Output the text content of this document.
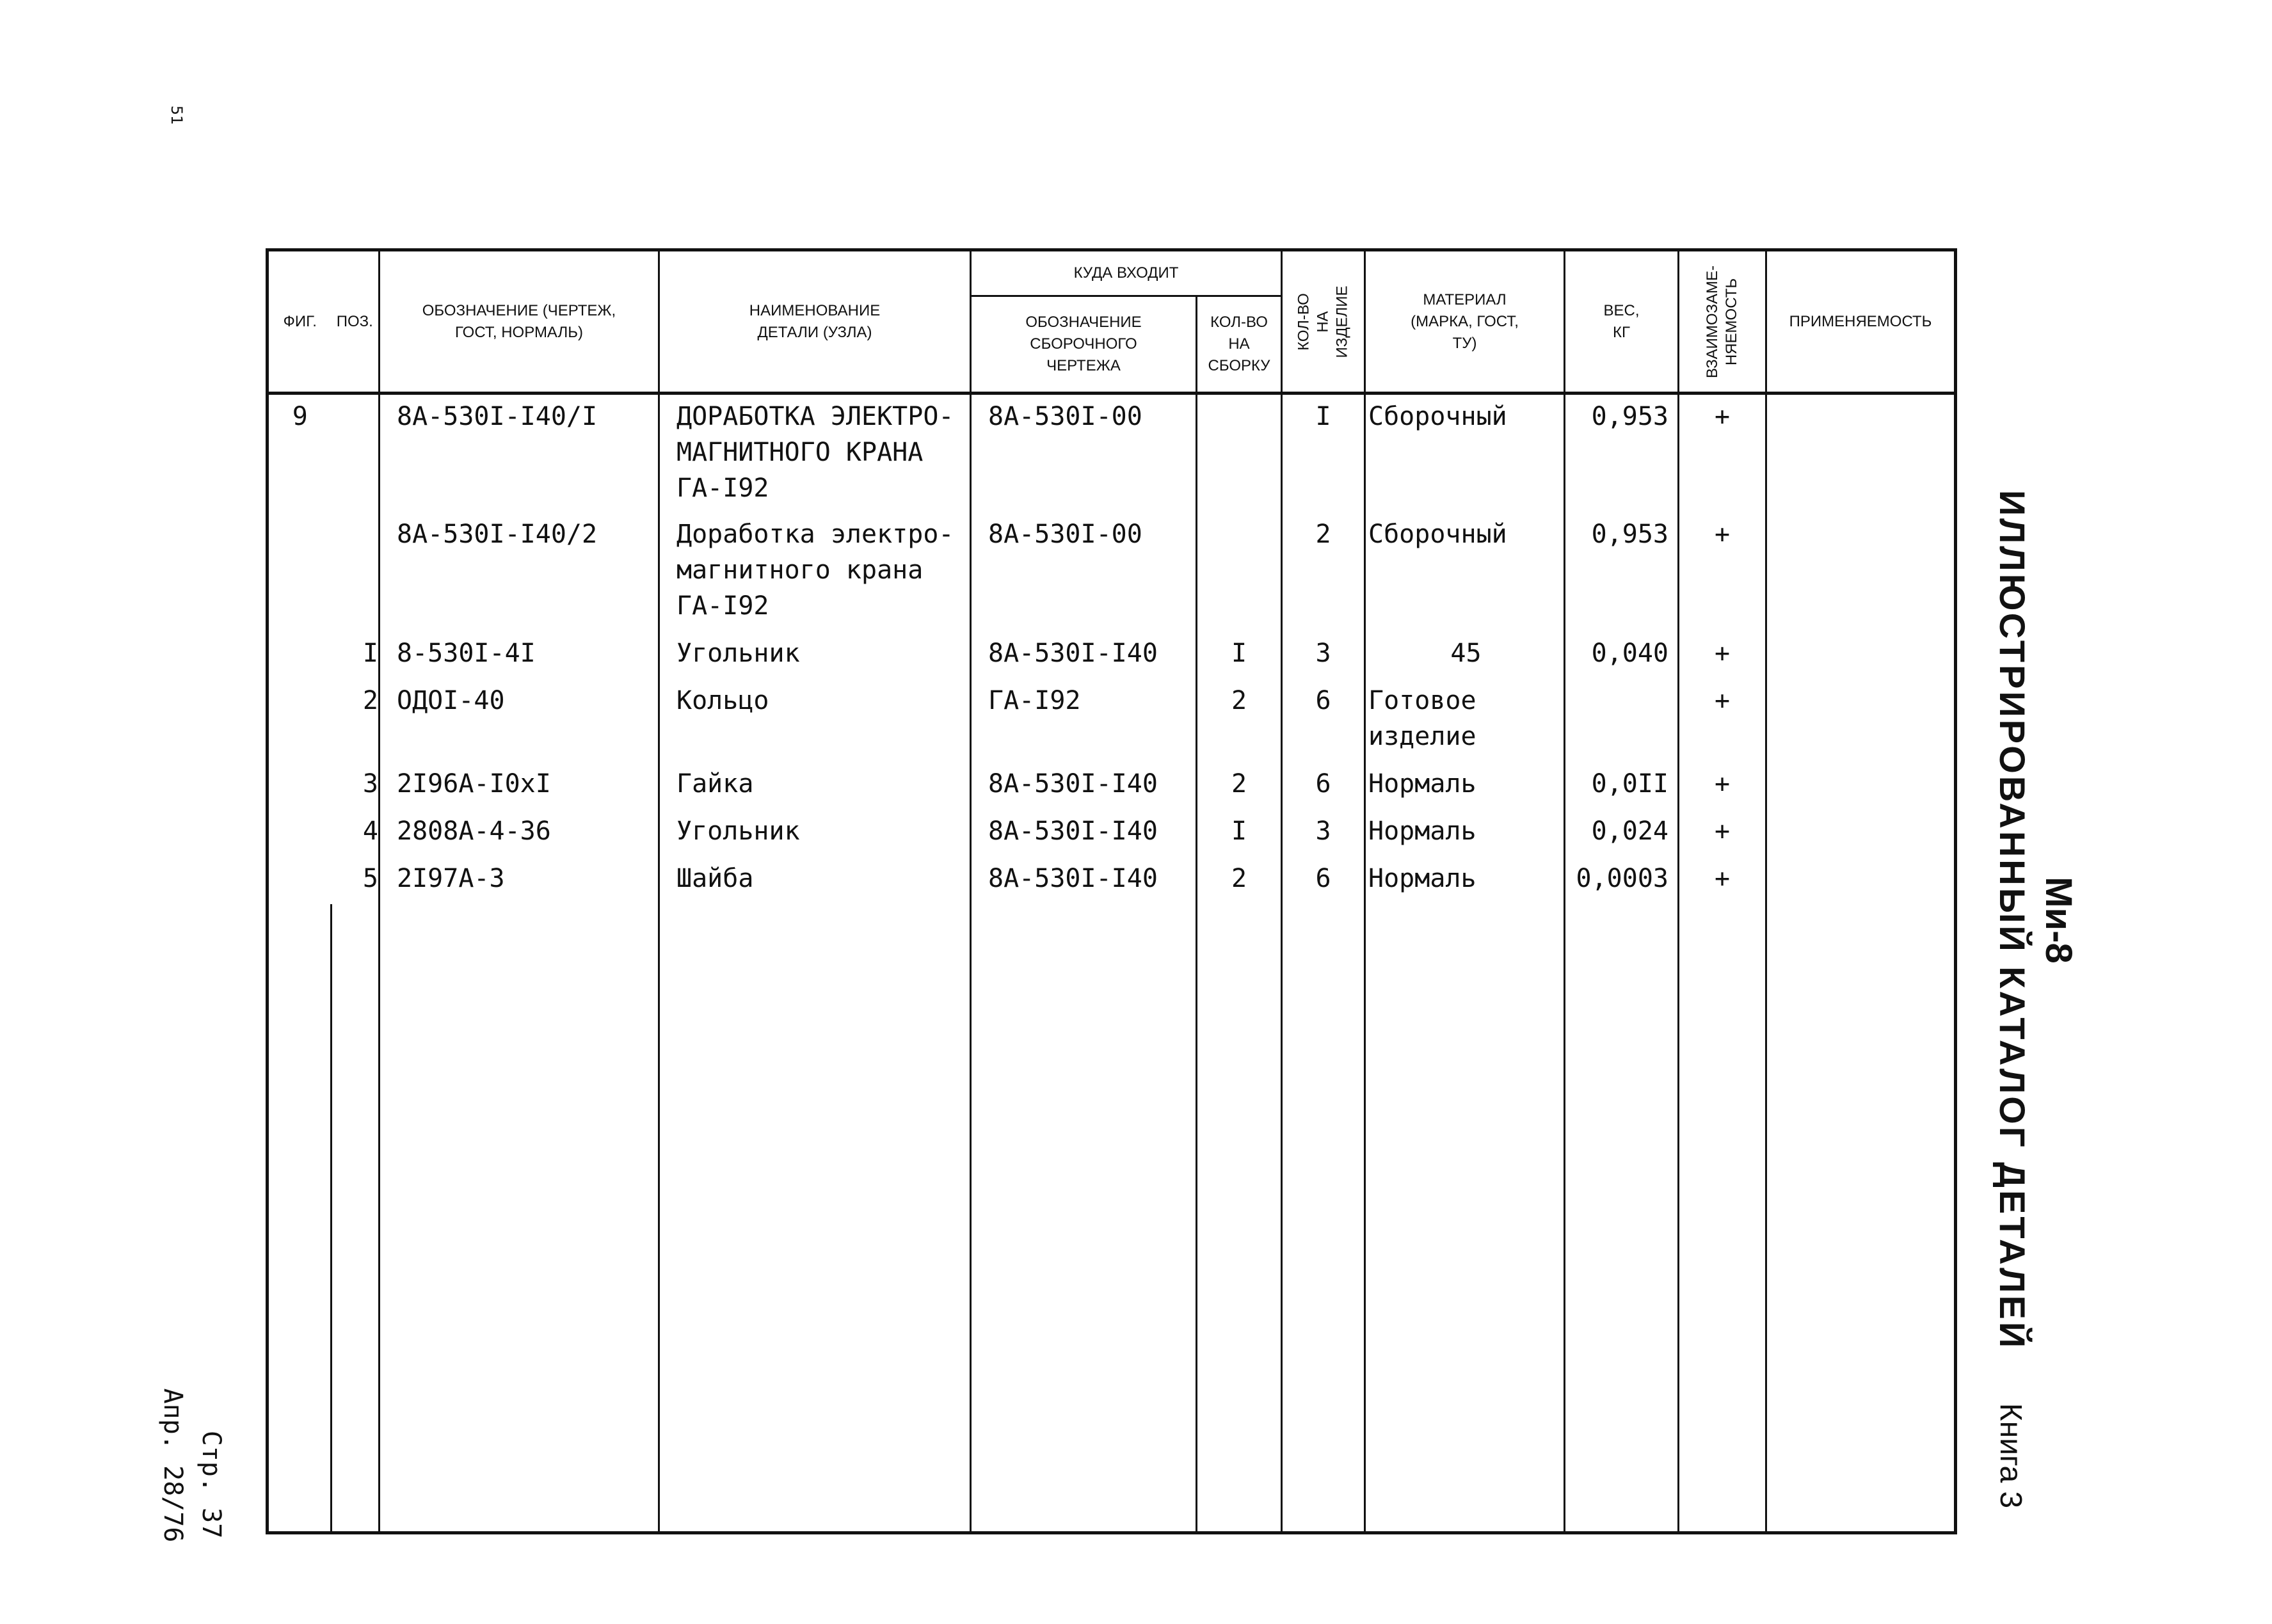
51
Ми-8
ИЛЛЮСТРИРОВАННЫЙ КАТАЛОГ ДЕТАЛЕЙ
Книга 3
Стр. 37
Апр. 28/76
ФИГ.	ПОЗ.	ОБОЗНАЧЕНИЕ (ЧЕРТЕЖ, ГОСТ, НОРМАЛЬ)	НАИМЕНОВАНИЕ ДЕТАЛИ (УЗЛА)	КУДА ВХОДИТ		КОЛ-ВО НА ИЗДЕЛИЕ	МАТЕРИАЛ (МАРКА, ГОСТ, ТУ)	ВЕС, КГ	ВЗАИМОЗАМЕ-НЯЕМОСТЬ	ПРИМЕНЯЕМОСТЬ

				ОБОЗНАЧЕНИЕ СБОРОЧНОГО ЧЕРТЕЖА	КОЛ-ВО НА СБОРКУ					

9		8А-530I-I40/I	ДОРАБОТКА ЭЛЕКТРО-МАГНИТНОГО КРАНА ГА-I92	8А-530I-00		I	Сборочный	0,953	+	
		8А-530I-I40/2	Доработка электро-магнитного крана ГА-I92	8А-530I-00		2	Сборочный	0,953	+	
	I	8-530I-4I	Угольник	8А-530I-I40	I	3	45	0,040	+	
	2	ОДОI-40	Кольцо	ГА-I92	2	6	Готовое изделие		+	
	3	2I96А-I0хI	Гайка	8А-530I-I40	2	6	Нормаль	0,0II	+	
	4	2808А-4-36	Угольник	8А-530I-I40	I	3	Нормаль	0,024	+	
	5	2I97А-3	Шайба	8А-530I-I40	2	6	Нормаль	0,0003	+	
